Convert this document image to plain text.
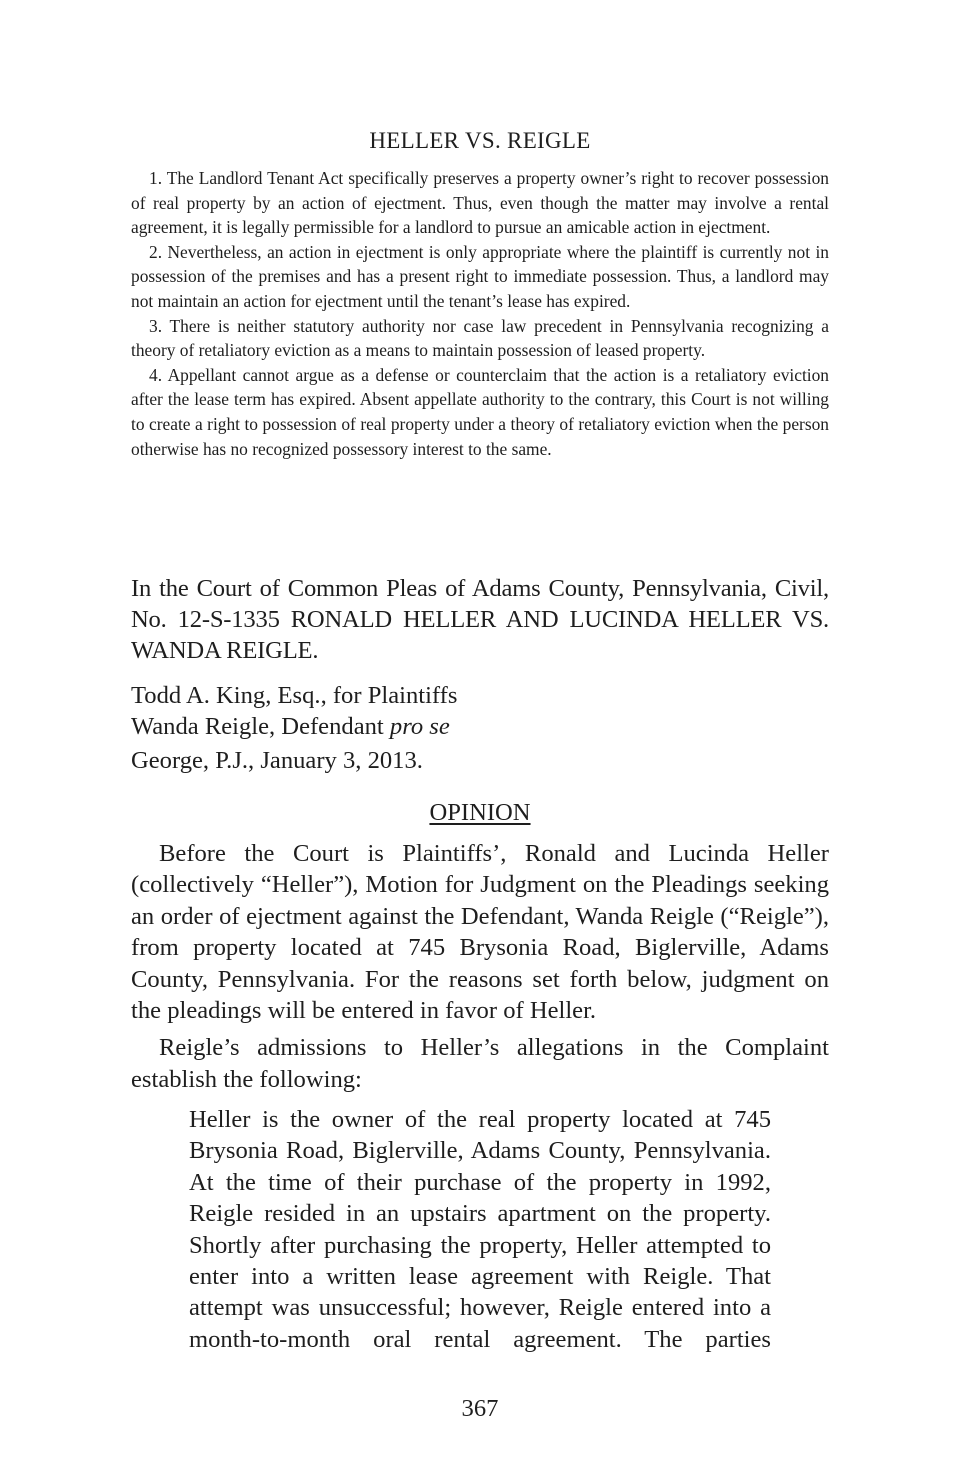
HELLER VS. REIGLE

1. The Landlord Tenant Act specifically preserves a property owner’s right to recover possession of real property by an action of ejectment. Thus, even though the matter may involve a rental agreement, it is legally permissible for a landlord to pursue an amicable action in ejectment.

2. Nevertheless, an action in ejectment is only appropriate where the plaintiff is currently not in possession of the premises and has a present right to immediate possession. Thus, a landlord may not maintain an action for ejectment until the tenant’s lease has expired.

3. There is neither statutory authority nor case law precedent in Pennsylvania recognizing a theory of retaliatory eviction as a means to maintain possession of leased property.

4. Appellant cannot argue as a defense or counterclaim that the action is a retaliatory eviction after the lease term has expired. Absent appellate authority to the contrary, this Court is not willing to create a right to possession of real property under a theory of retaliatory eviction when the person otherwise has no recognized possessory interest to the same.

In the Court of Common Pleas of Adams County, Pennsylvania, Civil, No. 12-S-1335 RONALD HELLER AND LUCINDA HELLER VS. WANDA REIGLE.
Todd A. King, Esq., for Plaintiffs
Wanda Reigle, Defendant pro se
George, P.J., January 3, 2013.
OPINION

Before the Court is Plaintiffs’, Ronald and Lucinda Heller (collectively “Heller”), Motion for Judgment on the Pleadings seeking an order of ejectment against the Defendant, Wanda Reigle (“Reigle”), from property located at 745 Brysonia Road, Biglerville, Adams County, Pennsylvania. For the reasons set forth below, judgment on the pleadings will be entered in favor of Heller.

Reigle’s admissions to Heller’s allegations in the Complaint establish the following:

Heller is the owner of the real property located at 745
Brysonia Road, Biglerville, Adams County, Pennsylvania.
At the time of their purchase of the property in 1992,
Reigle resided in an upstairs apartment on the property.
Shortly after purchasing the property, Heller attempted to
enter into a written lease agreement with Reigle. That
attempt was unsuccessful; however, Reigle entered into a
month-to-month oral rental agreement. The parties
367
